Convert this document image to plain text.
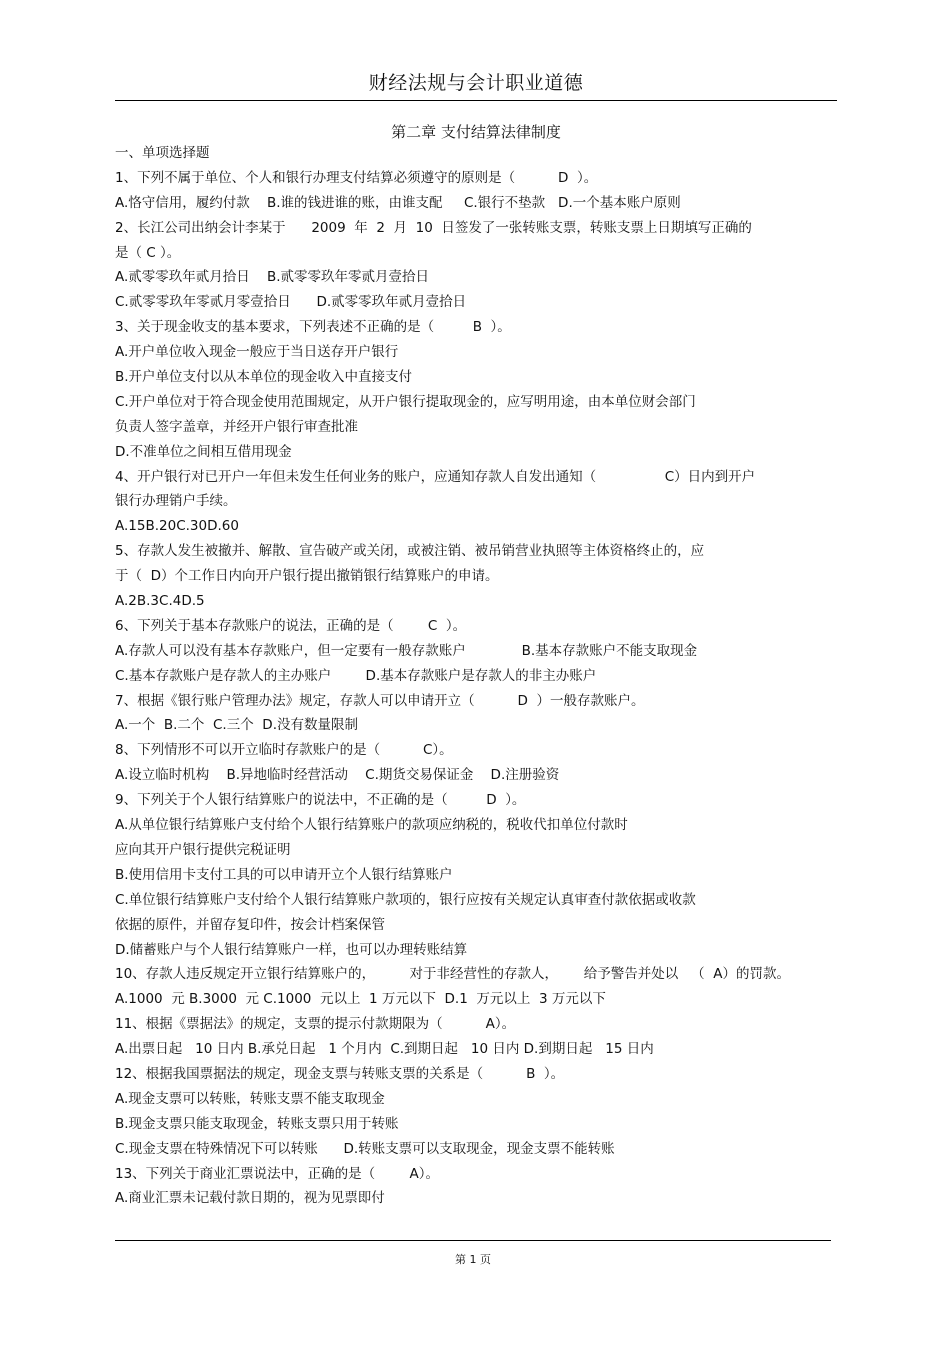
财经法规与会计职业道德
第二章 支付结算法律制度
一、单项选择题
1、下列不属于单位、个人和银行办理支付结算必须遵守的原则是（          D  ）。
A.恪守信用，履约付款    B.谁的钱进谁的账，由谁支配     C.银行不垫款   D.一个基本账户原则
2、长江公司出纳会计李某于      2009  年  2  月  10  日签发了一张转账支票，转账支票上日期填写正确的
是（ C ）。
A.贰零零玖年贰月拾日    B.贰零零玖年零贰月壹拾日
C.贰零零玖年零贰月零壹拾日      D.贰零零玖年贰月壹拾日
3、关于现金收支的基本要求，下列表述不正确的是（         B  ）。
A.开户单位收入现金一般应于当日送存开户银行
B.开户单位支付以从本单位的现金收入中直接支付
C.开户单位对于符合现金使用范围规定，从开户银行提取现金的，应写明用途，由本单位财会部门
负责人签字盖章，并经开户银行审查批准
D.不准单位之间相互借用现金
4、开户银行对已开户一年但未发生任何业务的账户，应通知存款人自发出通知（                C）日内到开户
银行办理销户手续。
A.15B.20C.30D.60
5、存款人发生被撤并、解散、宣告破产或关闭，或被注销、被吊销营业执照等主体资格终止的，应
于（  D）个工作日内向开户银行提出撤销银行结算账户的申请。
A.2B.3C.4D.5
6、下列关于基本存款账户的说法，正确的是（        C  ）。
A.存款人可以没有基本存款账户，但一定要有一般存款账户             B.基本存款账户不能支取现金
C.基本存款账户是存款人的主办账户        D.基本存款账户是存款人的非主办账户
7、根据《银行账户管理办法》规定，存款人可以申请开立（          D  ）一般存款账户。
A.一个  B.二个  C.三个  D.没有数量限制
8、下列情形不可以开立临时存款账户的是（          C）。
A.设立临时机构    B.异地临时经营活动    C.期货交易保证金    D.注册验资
9、下列关于个人银行结算账户的说法中，不正确的是（         D  ）。
A.从单位银行结算账户支付给个人银行结算账户的款项应纳税的，税收代扣单位付款时
应向其开户银行提供完税证明
B.使用信用卡支付工具的可以申请开立个人银行结算账户
C.单位银行结算账户支付给个人银行结算账户款项的，银行应按有关规定认真审查付款依据或收款
依据的原件，并留存复印件，按会计档案保管
D.储蓄账户与个人银行结算账户一样，也可以办理转账结算
10、存款人违反规定开立银行结算账户的，        对于非经营性的存款人，      给予警告并处以   （  A）的罚款。
A.1000  元 B.3000  元 C.1000  元以上  1 万元以下  D.1  万元以上  3 万元以下
11、根据《票据法》的规定，支票的提示付款期限为（          A）。
A.出票日起   10 日内 B.承兑日起   1 个月内  C.到期日起   10 日内 D.到期日起   15 日内
12、根据我国票据法的规定，现金支票与转账支票的关系是（          B  ）。
A.现金支票可以转账，转账支票不能支取现金
B.现金支票只能支取现金，转账支票只用于转账
C.现金支票在特殊情况下可以转账      D.转账支票可以支取现金，现金支票不能转账
13、下列关于商业汇票说法中，正确的是（        A）。
A.商业汇票未记载付款日期的，视为见票即付
第 1 页
